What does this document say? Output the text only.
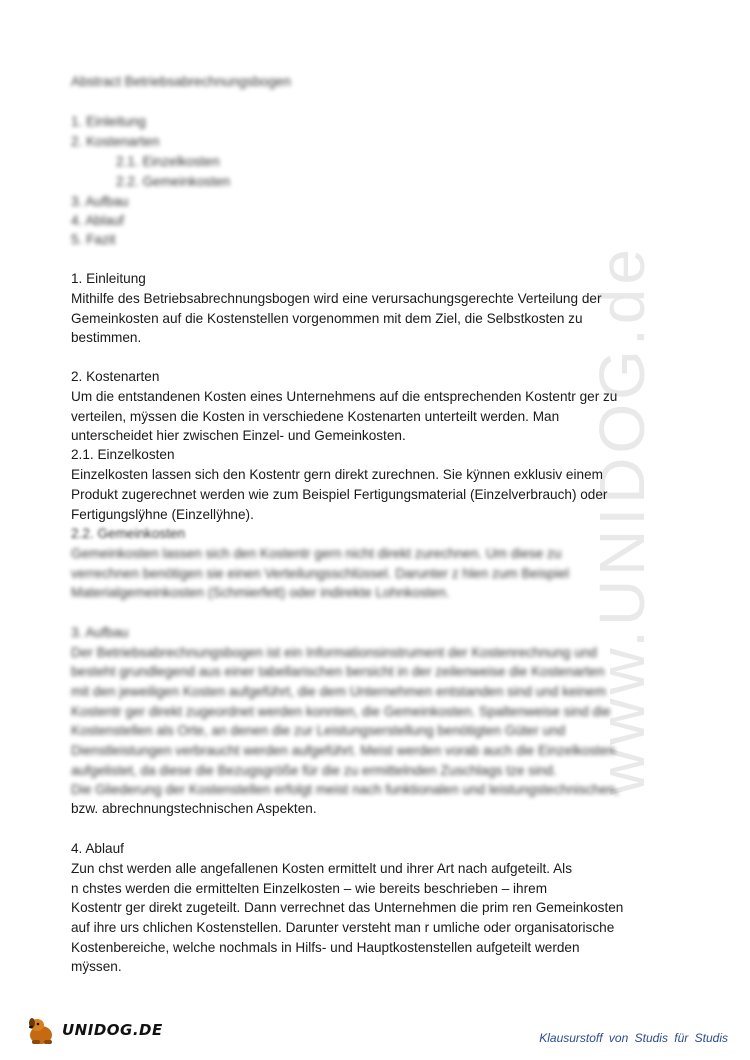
www.UNIDOG.de
Abstract Betriebsabrechnungsbogen
1. Einleitung
2. Kostenarten
2.1. Einzelkosten
2.2. Gemeinkosten
3. Aufbau
4. Ablauf
5. Fazit
1. Einleitung
Mithilfe des Betriebsabrechnungsbogen wird eine verursachungsgerechte Verteilung der
Gemeinkosten auf die Kostenstellen vorgenommen mit dem Ziel, die Selbstkosten zu
bestimmen.
2. Kostenarten
Um die entstandenen Kosten eines Unternehmens auf die entsprechenden Kostentr ger zu
verteilen, mÿssen die Kosten in verschiedene Kostenarten unterteilt werden. Man
unterscheidet hier zwischen Einzel- und Gemeinkosten.
2.1. Einzelkosten
Einzelkosten lassen sich den Kostentr gern direkt zurechnen. Sie kÿnnen exklusiv einem
Produkt zugerechnet werden wie zum Beispiel Fertigungsmaterial (Einzelverbrauch) oder
Fertigungslÿhne (Einzellÿhne).
2.2. Gemeinkosten
Gemeinkosten lassen sich den Kostentr gern nicht direkt zurechnen. Um diese zu
verrechnen benötigen sie einen Verteilungsschlüssel. Darunter z hlen zum Beispiel
Materialgemeinkosten (Schmierfett) oder indirekte Lohnkosten.
3. Aufbau
Der Betriebsabrechnungsbogen ist ein Informationsinstrument der Kostenrechnung und
besteht grundlegend aus einer tabellarischen bersicht in der zeilenweise die Kostenarten
mit den jeweiligen Kosten aufgeführt, die dem Unternehmen entstanden sind und keinem
Kostentr ger direkt zugeordnet werden konnten, die Gemeinkosten. Spaltenweise sind die
Kostenstellen als Orte, an denen die zur Leistungserstellung benötigten Güter und
Dienstleistungen verbraucht werden aufgeführt. Meist werden vorab auch die Einzelkosten
aufgelistet, da diese die Bezugsgröße für die zu ermittelnden Zuschlags tze sind.
Die Gliederung der Kostenstellen erfolgt meist nach funktionalen und leistungstechnischen,
bzw. abrechnungstechnischen Aspekten.
4. Ablauf
Zun chst werden alle angefallenen Kosten ermittelt und ihrer Art nach aufgeteilt. Als
n chstes werden die ermittelten Einzelkosten – wie bereits beschrieben – ihrem
Kostentr ger direkt zugeteilt. Dann verrechnet das Unternehmen die prim ren Gemeinkosten
auf ihre urs chlichen Kostenstellen. Darunter versteht man r umliche oder organisatorische
Kostenbereiche, welche nochmals in Hilfs- und Hauptkostenstellen aufgeteilt werden
mÿssen.
UNIDOG.DE	Klausurstoff von Studis für Studis
